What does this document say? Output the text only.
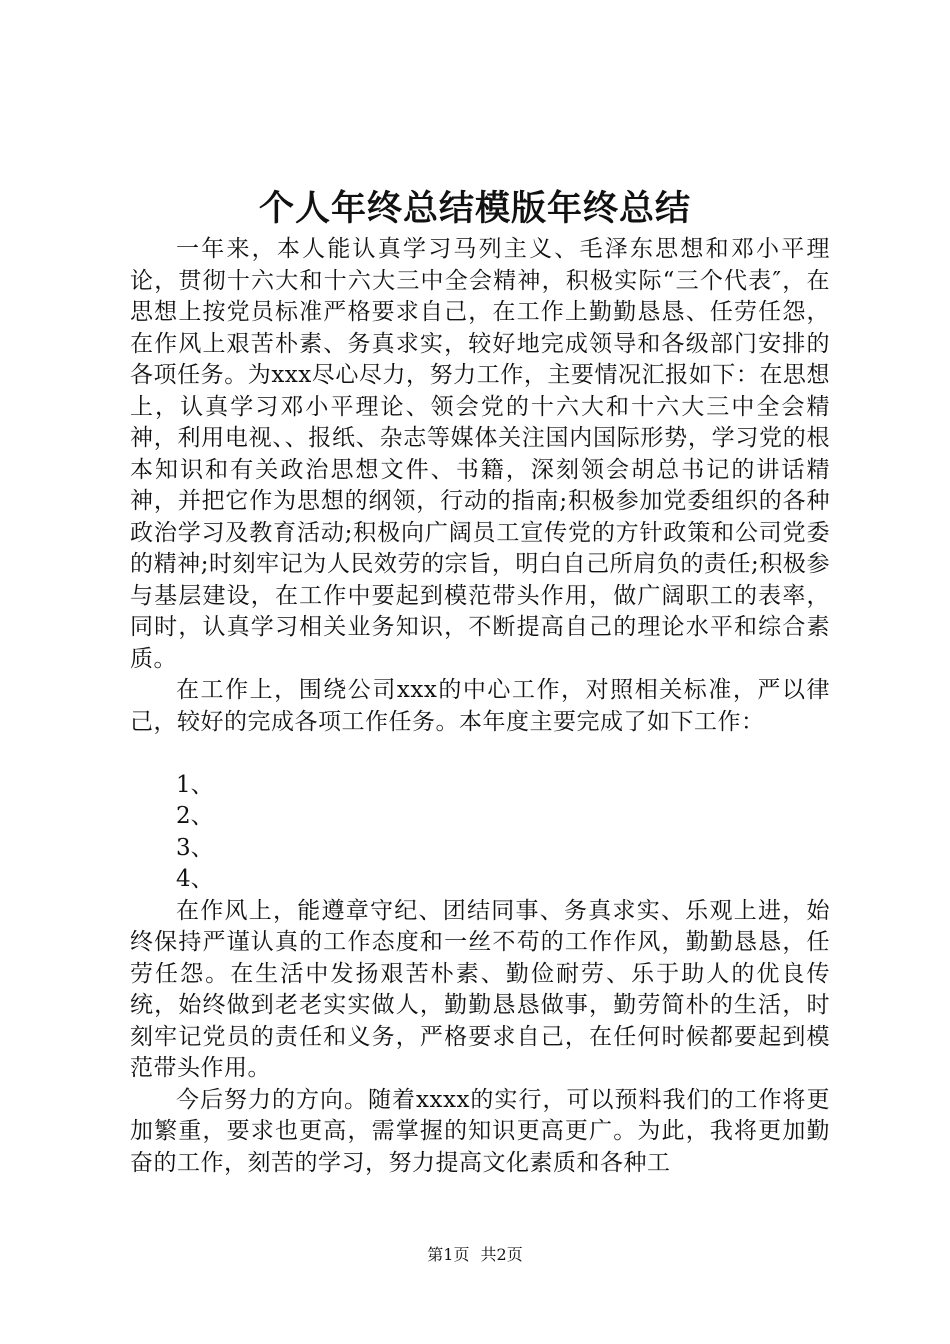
个人年终总结模版年终总结

一年来，本人能认真学习马列主义、毛泽东思想和邓小平理论，贯彻十六大和十六大三中全会精神，积极实际“三个代表″，在思想上按党员标准严格要求自己，在工作上勤勤恳恳、任劳任怨，在作风上艰苦朴素、务真求实，较好地完成领导和各级部门安排的各项任务。为xxx尽心尽力，努力工作，主要情况汇报如下：在思想上，认真学习邓小平理论、领会党的十六大和十六大三中全会精神，利用电视、、报纸、杂志等媒体关注国内国际形势，学习党的根本知识和有关政治思想文件、书籍，深刻领会胡总书记的讲话精神，并把它作为思想的纲领，行动的指南;积极参加党委组织的各种政治学习及教育活动;积极向广阔员工宣传党的方针政策和公司党委的精神;时刻牢记为人民效劳的宗旨，明白自己所肩负的责任;积极参与基层建设，在工作中要起到模范带头作用，做广阔职工的表率，同时，认真学习相关业务知识，不断提高自己的理论水平和综合素质。

在工作上，围绕公司xxx的中心工作，对照相关标准，严以律己，较好的完成各项工作任务。本年度主要完成了如下工作：

1、

2、

3、

4、

在作风上，能遵章守纪、团结同事、务真求实、乐观上进，始终保持严谨认真的工作态度和一丝不苟的工作作风，勤勤恳恳，任劳任怨。在生活中发扬艰苦朴素、勤俭耐劳、乐于助人的优良传统，始终做到老老实实做人，勤勤恳恳做事，勤劳简朴的生活，时刻牢记党员的责任和义务，严格要求自己，在任何时候都要起到模范带头作用。

今后努力的方向。随着xxxx的实行，可以预料我们的工作将更加繁重，要求也更高，需掌握的知识更高更广。为此，我将更加勤奋的工作，刻苦的学习，努力提高文化素质和各种工

第1页 共2页
